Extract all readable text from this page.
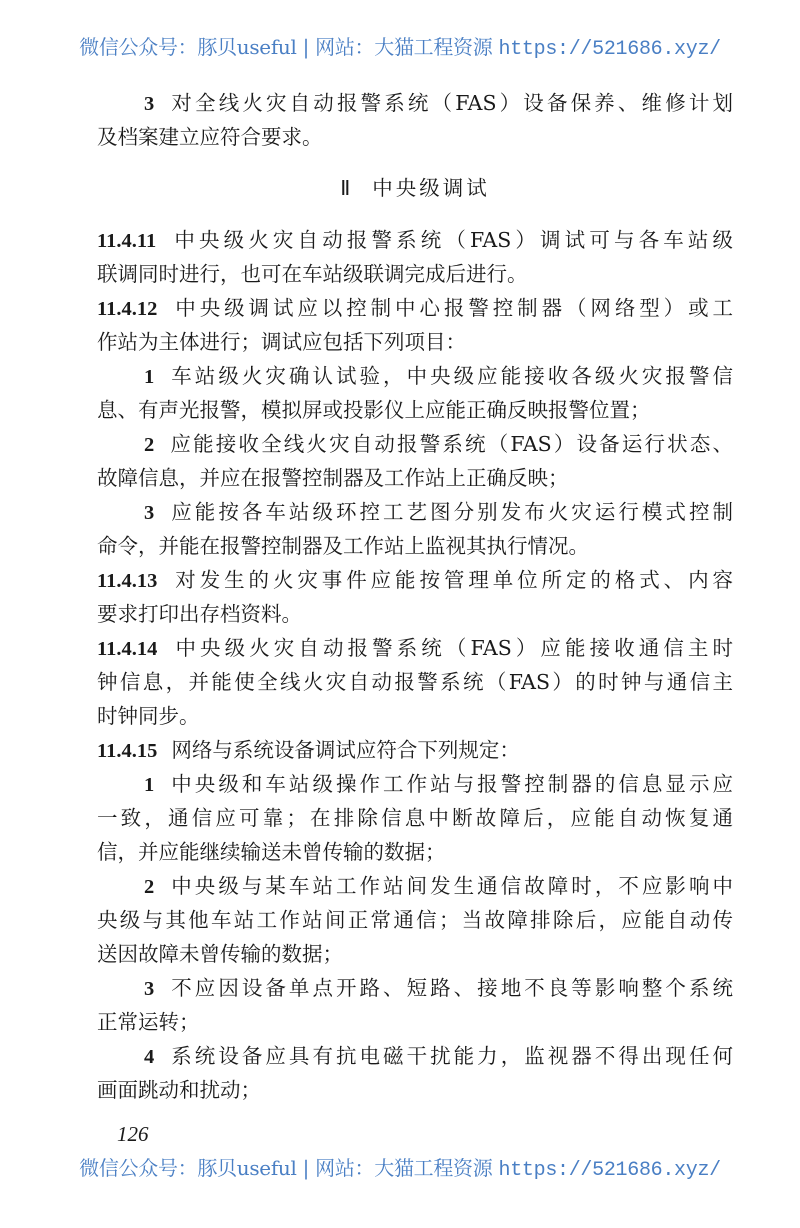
微信公众号：豚贝useful | 网站：大猫工程资源 https://521686.xyz/
3 对全线火灾自动报警系统（FAS）设备保养、维修计划
及档案建立应符合要求。
Ⅱ 中央级调试
11.4.11 中央级火灾自动报警系统（FAS）调试可与各车站级
联调同时进行，也可在车站级联调完成后进行。
11.4.12 中央级调试应以控制中心报警控制器（网络型）或工
作站为主体进行；调试应包括下列项目：
1 车站级火灾确认试验，中央级应能接收各级火灾报警信
息、有声光报警，模拟屏或投影仪上应能正确反映报警位置；
2 应能接收全线火灾自动报警系统（FAS）设备运行状态、
故障信息，并应在报警控制器及工作站上正确反映；
3 应能按各车站级环控工艺图分别发布火灾运行模式控制
命令，并能在报警控制器及工作站上监视其执行情况。
11.4.13 对发生的火灾事件应能按管理单位所定的格式、内容
要求打印出存档资料。
11.4.14 中央级火灾自动报警系统（FAS）应能接收通信主时
钟信息，并能使全线火灾自动报警系统（FAS）的时钟与通信主
时钟同步。
11.4.15 网络与系统设备调试应符合下列规定：
1 中央级和车站级操作工作站与报警控制器的信息显示应
一致，通信应可靠；在排除信息中断故障后，应能自动恢复通
信，并应能继续输送未曾传输的数据；
2 中央级与某车站工作站间发生通信故障时，不应影响中
央级与其他车站工作站间正常通信；当故障排除后，应能自动传
送因故障未曾传输的数据；
3 不应因设备单点开路、短路、接地不良等影响整个系统
正常运转；
4 系统设备应具有抗电磁干扰能力，监视器不得出现任何
画面跳动和扰动；
126
微信公众号：豚贝useful | 网站：大猫工程资源 https://521686.xyz/
